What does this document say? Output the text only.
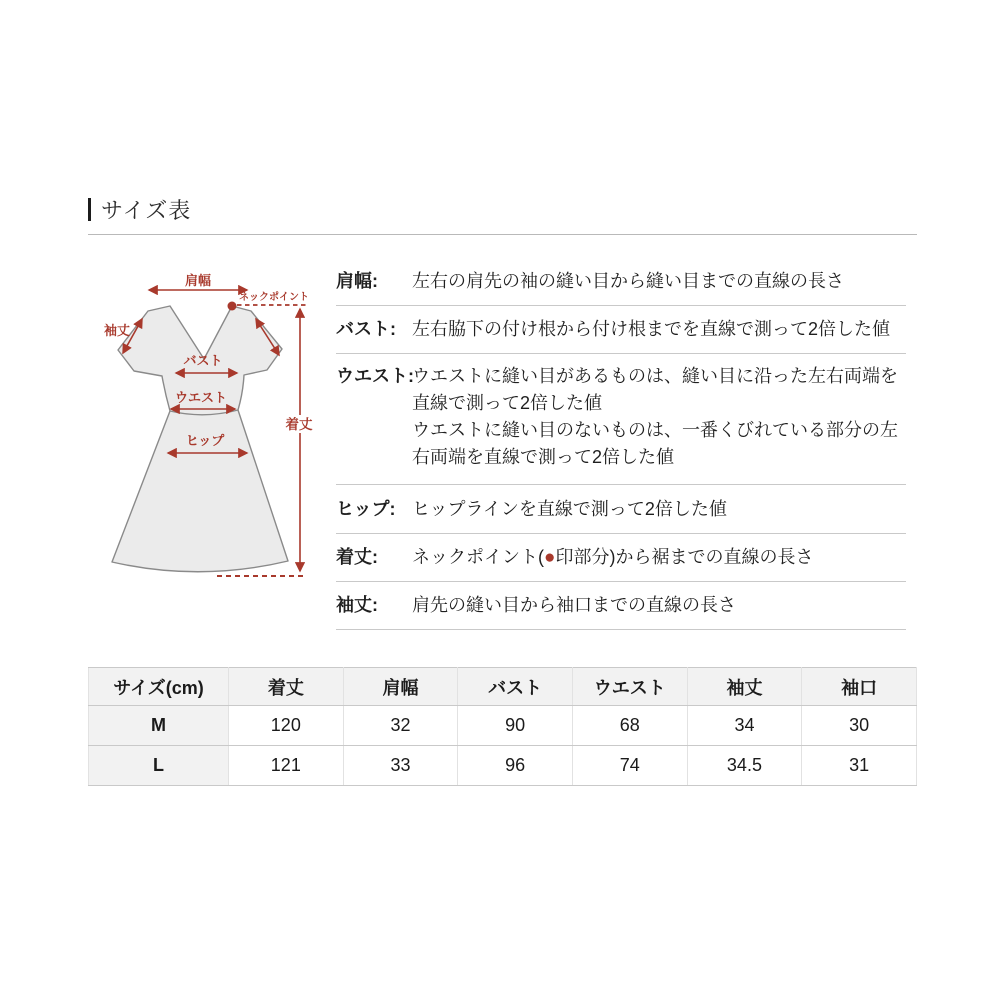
サイズ表
肩幅
ネックポイント
袖丈
バスト
ウエスト
ヒップ
着丈
肩幅:	左右の肩先の袖の縫い目から縫い目までの直線の長さ

バスト: 左右脇下の付け根から付け根までを直線で測って2倍した値

ウエスト:

ウエストに縫い目があるものは、縫い目に沿った左右両端を直線で測って2倍した値

ウエストに縫い目のないものは、一番くびれている部分の左右両端を直線で測って2倍した値

ヒップ: ヒップラインを直線で測って2倍した値

着丈:	ネックポイント(●印部分)から裾までの直線の長さ

袖丈:	肩先の縫い目から袖口までの直線の長さ

サイズ(cm)	着丈	肩幅	バスト	ウエスト	袖丈	袖口
M	120	32	90	68	34	30
L	121	33	96	74	34.5	31
